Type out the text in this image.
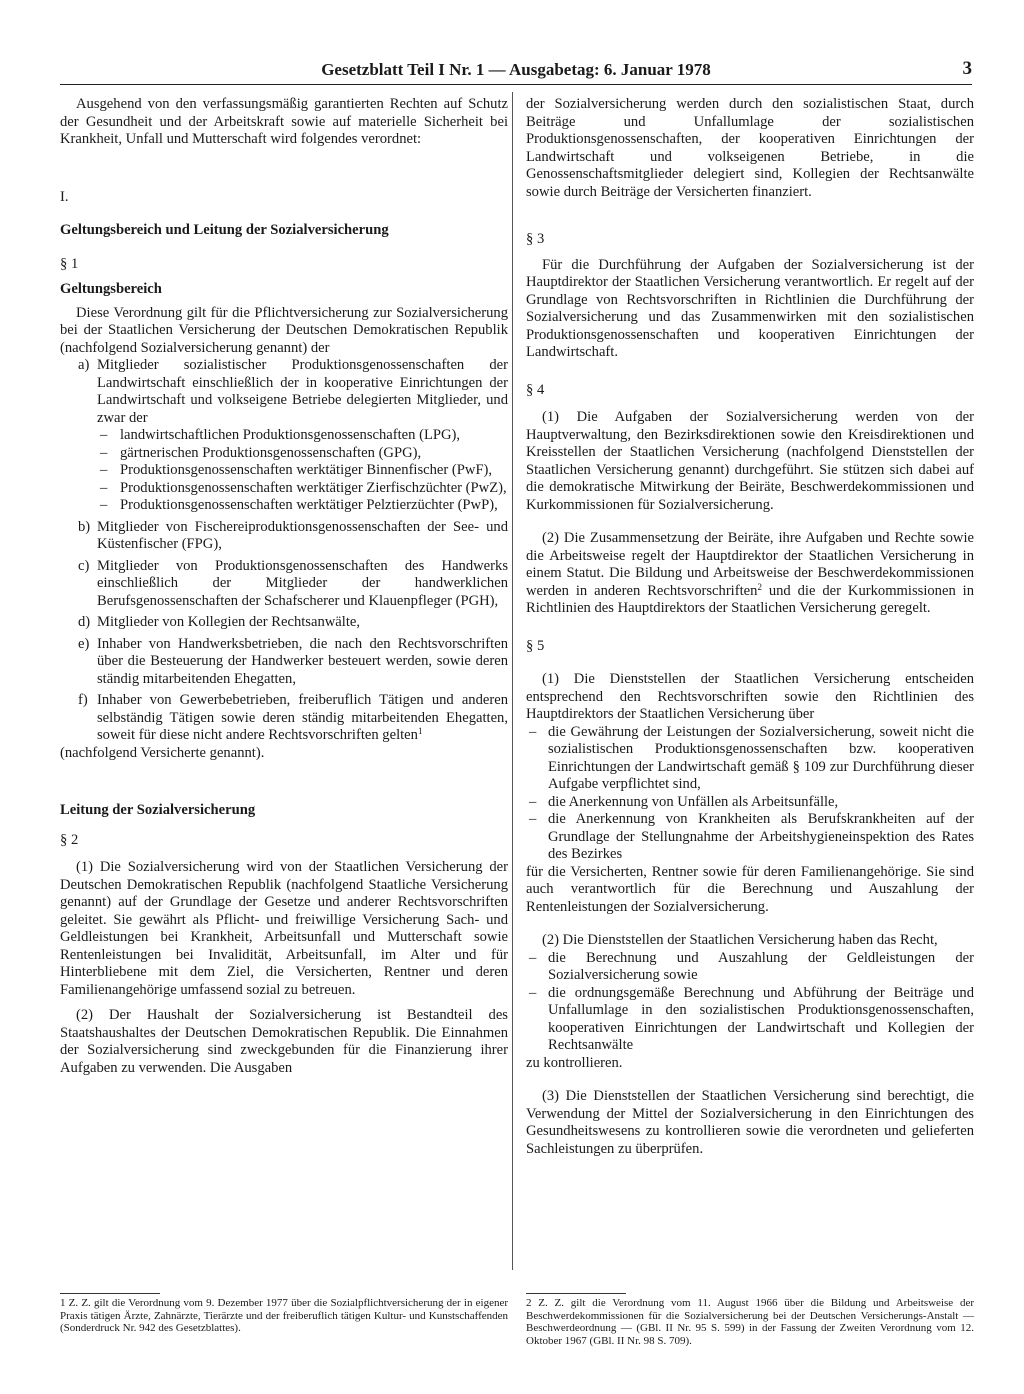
Gesetzblatt Teil I Nr. 1 — Ausgabetag: 6. Januar 1978	3

Ausgehend von den verfassungsmäßig garantierten Rechten auf Schutz der Gesundheit und der Arbeitskraft sowie auf materielle Sicherheit bei Krankheit, Unfall und Mutterschaft wird folgendes verordnet:

I.

Geltungsbereich und Leitung der Sozialversicherung

§ 1

Geltungsbereich

Diese Verordnung gilt für die Pflichtversicherung zur Sozialversicherung bei der Staatlichen Versicherung der Deutschen Demokratischen Republik (nachfolgend Sozialversicherung genannt) der

a) Mitglieder sozialistischer Produktionsgenossenschaften der Landwirtschaft einschließlich der in kooperative Einrichtungen der Landwirtschaft und volkseigene Betriebe delegierten Mitglieder, und zwar der
– landwirtschaftlichen Produktionsgenossenschaften (LPG),
– gärtnerischen Produktionsgenossenschaften (GPG),
– Produktionsgenossenschaften werktätiger Binnenfischer (PwF),
– Produktionsgenossenschaften werktätiger Zierfischzüchter (PwZ),
– Produktionsgenossenschaften werktätiger Pelztierzüchter (PwP),
b) Mitglieder von Fischereiproduktionsgenossenschaften der See- und Küstenfischer (FPG),
c) Mitglieder von Produktionsgenossenschaften des Handwerks einschließlich der Mitglieder der handwerklichen Berufsgenossenschaften der Schafscherer und Klauenpfleger (PGH),
d) Mitglieder von Kollegien der Rechtsanwälte,
e) Inhaber von Handwerksbetrieben, die nach den Rechtsvorschriften über die Besteuerung der Handwerker besteuert werden, sowie deren ständig mitarbeitenden Ehegatten,
f) Inhaber von Gewerbebetrieben, freiberuflich Tätigen und anderen selbständig Tätigen sowie deren ständig mitarbeitenden Ehegatten, soweit für diese nicht andere Rechtsvorschriften gelten$^1$

(nachfolgend Versicherte genannt).

Leitung der Sozialversicherung

§ 2

(1) Die Sozialversicherung wird von der Staatlichen Versicherung der Deutschen Demokratischen Republik (nachfolgend Staatliche Versicherung genannt) auf der Grundlage der Gesetze und anderer Rechtsvorschriften geleitet. Sie gewährt als Pflicht- und freiwillige Versicherung Sach- und Geldleistungen bei Krankheit, Arbeitsunfall und Mutterschaft sowie Rentenleistungen bei Invalidität, Arbeitsunfall, im Alter und für Hinterbliebene mit dem Ziel, die Versicherten, Rentner und deren Familienangehörige umfassend sozial zu betreuen.

(2) Der Haushalt der Sozialversicherung ist Bestandteil des Staatshaushaltes der Deutschen Demokratischen Republik. Die Einnahmen der Sozialversicherung sind zweckgebunden für die Finanzierung ihrer Aufgaben zu verwenden. Die Ausgaben

der Sozialversicherung werden durch den sozialistischen Staat, durch Beiträge und Unfallumlage der sozialistischen Produktionsgenossenschaften, der kooperativen Einrichtungen der Landwirtschaft und volkseigenen Betriebe, in die Genossenschaftsmitglieder delegiert sind, Kollegien der Rechtsanwälte sowie durch Beiträge der Versicherten finanziert.

§ 3

Für die Durchführung der Aufgaben der Sozialversicherung ist der Hauptdirektor der Staatlichen Versicherung verantwortlich. Er regelt auf der Grundlage von Rechtsvorschriften in Richtlinien die Durchführung der Sozialversicherung und das Zusammenwirken mit den sozialistischen Produktionsgenossenschaften und kooperativen Einrichtungen der Landwirtschaft.

§ 4

(1) Die Aufgaben der Sozialversicherung werden von der Hauptverwaltung, den Bezirksdirektionen sowie den Kreisdirektionen und Kreisstellen der Staatlichen Versicherung (nachfolgend Dienststellen der Staatlichen Versicherung genannt) durchgeführt. Sie stützen sich dabei auf die demokratische Mitwirkung der Beiräte, Beschwerdekommissionen und Kurkommissionen für Sozialversicherung.

(2) Die Zusammensetzung der Beiräte, ihre Aufgaben und Rechte sowie die Arbeitsweise regelt der Hauptdirektor der Staatlichen Versicherung in einem Statut. Die Bildung und Arbeitsweise der Beschwerdekommissionen werden in anderen Rechtsvorschriften$^2$ und die der Kurkommissionen in Richtlinien des Hauptdirektors der Staatlichen Versicherung geregelt.

§ 5

(1) Die Dienststellen der Staatlichen Versicherung entscheiden entsprechend den Rechtsvorschriften sowie den Richtlinien des Hauptdirektors der Staatlichen Versicherung über

– die Gewährung der Leistungen der Sozialversicherung, soweit nicht die sozialistischen Produktionsgenossenschaften bzw. kooperativen Einrichtungen der Landwirtschaft gemäß § 109 zur Durchführung dieser Aufgabe verpflichtet sind,
– die Anerkennung von Unfällen als Arbeitsunfälle,
– die Anerkennung von Krankheiten als Berufskrankheiten auf der Grundlage der Stellungnahme der Arbeitshygieneinspektion des Rates des Bezirkes

für die Versicherten, Rentner sowie für deren Familienangehörige. Sie sind auch verantwortlich für die Berechnung und Auszahlung der Rentenleistungen der Sozialversicherung.

(2) Die Dienststellen der Staatlichen Versicherung haben das Recht,

– die Berechnung und Auszahlung der Geldleistungen der Sozialversicherung sowie
– die ordnungsgemäße Berechnung und Abführung der Beiträge und Unfallumlage in den sozialistischen Produktionsgenossenschaften, kooperativen Einrichtungen der Landwirtschaft und Kollegien der Rechtsanwälte

zu kontrollieren.

(3) Die Dienststellen der Staatlichen Versicherung sind berechtigt, die Verwendung der Mittel der Sozialversicherung in den Einrichtungen des Gesundheitswesens zu kontrollieren sowie die verordneten und gelieferten Sachleistungen zu überprüfen.

1 Z. Z. gilt die Verordnung vom 9. Dezember 1977 über die Sozialpflichtversicherung der in eigener Praxis tätigen Ärzte, Zahnärzte, Tierärzte und der freiberuflich tätigen Kultur- und Kunstschaffenden (Sonderdruck Nr. 942 des Gesetzblattes).

2 Z. Z. gilt die Verordnung vom 11. August 1966 über die Bildung und Arbeitsweise der Beschwerdekommissionen für die Sozialversicherung bei der Deutschen Versicherungs-Anstalt — Beschwerdeordnung — (GBl. II Nr. 95 S. 599) in der Fassung der Zweiten Verordnung vom 12. Oktober 1967 (GBl. II Nr. 98 S. 709).
